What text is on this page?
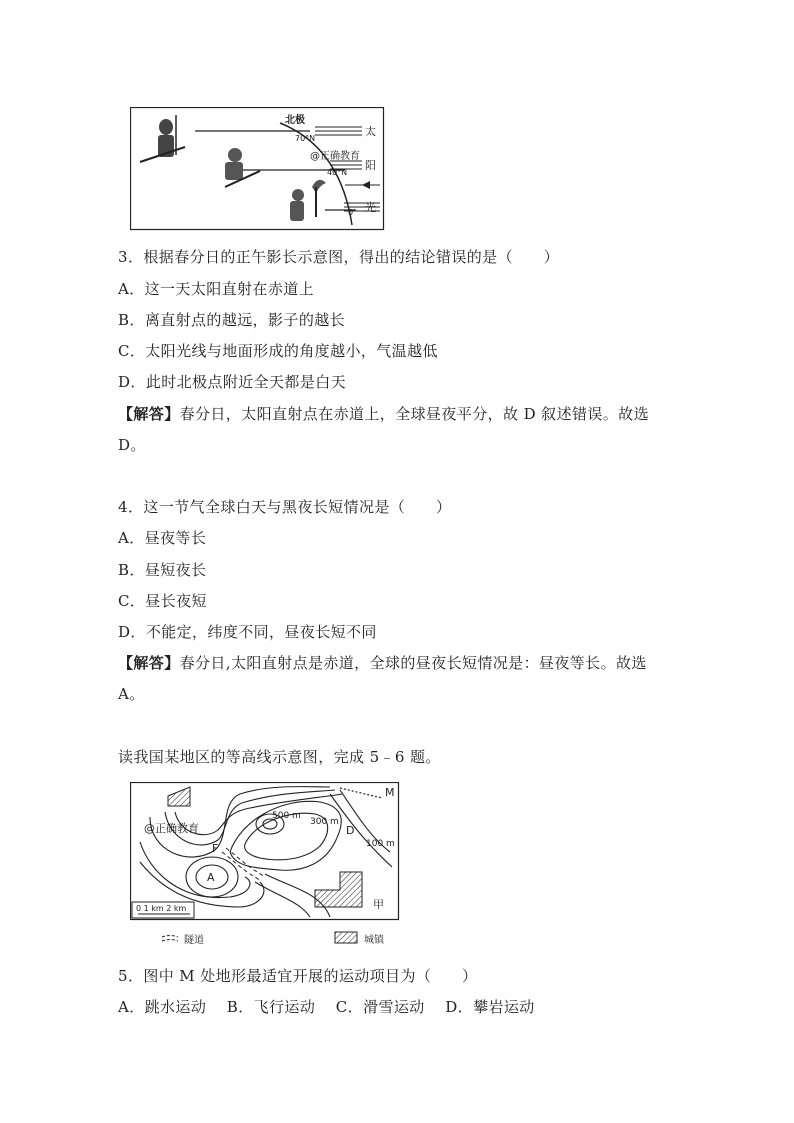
北极
70°N
@正确教育
40°N
0°
太
阳
光
3．根据春分日的正午影长示意图，得出的结论错误的是（　　）
A．这一天太阳直射在赤道上
B．离直射点的越远，影子的越长
C．太阳光线与地面形成的角度越小，气温越低
D．此时北极点附近全天都是白天
【解答】春分日，太阳直射点在赤道上，全球昼夜平分，故 D 叙述错误。故选
D。
4．这一节气全球白天与黑夜长短情况是（　　）
A．昼夜等长
B．昼短夜长
C．昼长夜短
D．不能定，纬度不同，昼夜长短不同
【解答】春分日,太阳直射点是赤道，全球的昼夜长短情况是：昼夜等长。故选
A。
读我国某地区的等高线示意图，完成 5﹣6 题。
M
500 m
300 m
D
100 m
@正确教育
F
A
甲
0 1 km 2 km
隧道	城镇
5．图中 M 处地形最适宜开展的运动项目为（　　）
A．跳水运动　 B．飞行运动　 C．滑雪运动　 D．攀岩运动
